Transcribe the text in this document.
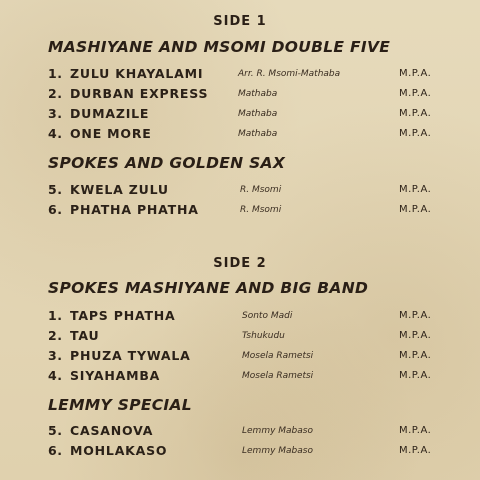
SIDE 1
MASHIYANE AND MSOMI DOUBLE FIVE
1. ZULU KHAYALAMI	Arr. R. Msomi-Mathaba	M.P.A.
2. DURBAN EXPRESS	Mathaba	M.P.A.
3. DUMAZILE	Mathaba	M.P.A.
4. ONE MORE	Mathaba	M.P.A.
SPOKES AND GOLDEN SAX
5. KWELA ZULU	R. Msomi	M.P.A.
6. PHATHA PHATHA	R. Msomi	M.P.A.
SIDE 2
SPOKES MASHIYANE AND BIG BAND
1. TAPS PHATHA	Sonto Madi	M.P.A.
2. TAU	Tshukudu	M.P.A.
3. PHUZA TYWALA	Mosela Rametsi	M.P.A.
4. SIYAHAMBA	Mosela Rametsi	M.P.A.
LEMMY SPECIAL
5. CASANOVA	Lemmy Mabaso	M.P.A.
6. MOHLAKASO	Lemmy Mabaso	M.P.A.
